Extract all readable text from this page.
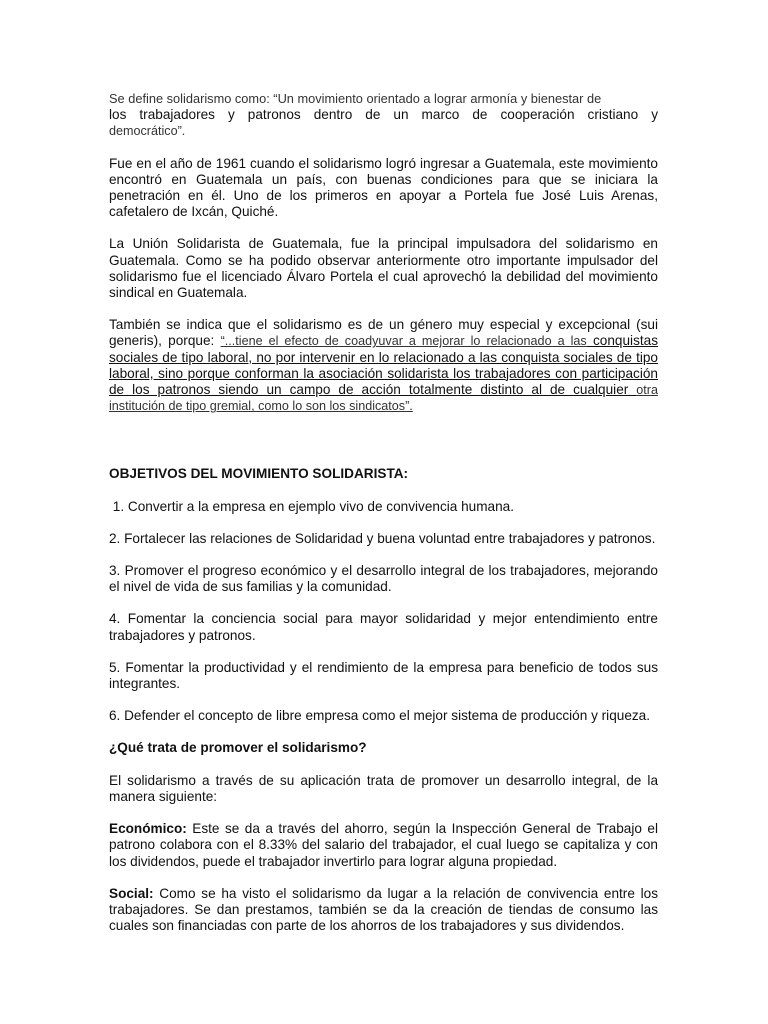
Se define solidarismo como: “Un movimiento orientado a lograr armonía y bienestar de

los trabajadores y patronos dentro de un marco de cooperación cristiano y

democrático”.

Fue en el año de 1961 cuando el solidarismo logró ingresar a Guatemala, este movimiento encontró en Guatemala un país, con buenas condiciones para que se iniciara la penetración en él. Uno de los primeros en apoyar a Portela fue José Luis Arenas, cafetalero de Ixcán, Quiché.

La Unión Solidarista de Guatemala, fue la principal impulsadora del solidarismo en Guatemala. Como se ha podido observar anteriormente otro importante impulsador del solidarismo fue el licenciado Álvaro Portela el cual aprovechó la debilidad del movimiento sindical en Guatemala.

También se indica que el solidarismo es de un género muy especial y excepcional (sui generis), porque: “...tiene el efecto de coadyuvar a mejorar lo relacionado a las conquistas sociales de tipo laboral, no por intervenir en lo relacionado a las conquista sociales de tipo laboral, sino porque conforman la asociación solidarista los trabajadores con participación de los patronos siendo un campo de acción totalmente distinto al de cualquier otra institución de tipo gremial, como lo son los sindicatos”.

OBJETIVOS DEL MOVIMIENTO SOLIDARISTA:

1. Convertir a la empresa en ejemplo vivo de convivencia humana.

2. Fortalecer las relaciones de Solidaridad y buena voluntad entre trabajadores y patronos.

3. Promover el progreso económico y el desarrollo integral de los trabajadores, mejorando el nivel de vida de sus familias y la comunidad.

4. Fomentar la conciencia social para mayor solidaridad y mejor entendimiento entre trabajadores y patronos.

5. Fomentar la productividad y el rendimiento de la empresa para beneficio de todos sus integrantes.

6. Defender el concepto de libre empresa como el mejor sistema de producción y riqueza.

¿Qué trata de promover el solidarismo?

El solidarismo a través de su aplicación trata de promover un desarrollo integral, de la manera siguiente:

Económico: Este se da a través del ahorro, según la Inspección General de Trabajo el patrono colabora con el 8.33% del salario del trabajador, el cual luego se capitaliza y con los dividendos, puede el trabajador invertirlo para lograr alguna propiedad.

Social: Como se ha visto el solidarismo da lugar a la relación de convivencia entre los trabajadores. Se dan prestamos, también se da la creación de tiendas de consumo las cuales son financiadas con parte de los ahorros de los trabajadores y sus dividendos.
